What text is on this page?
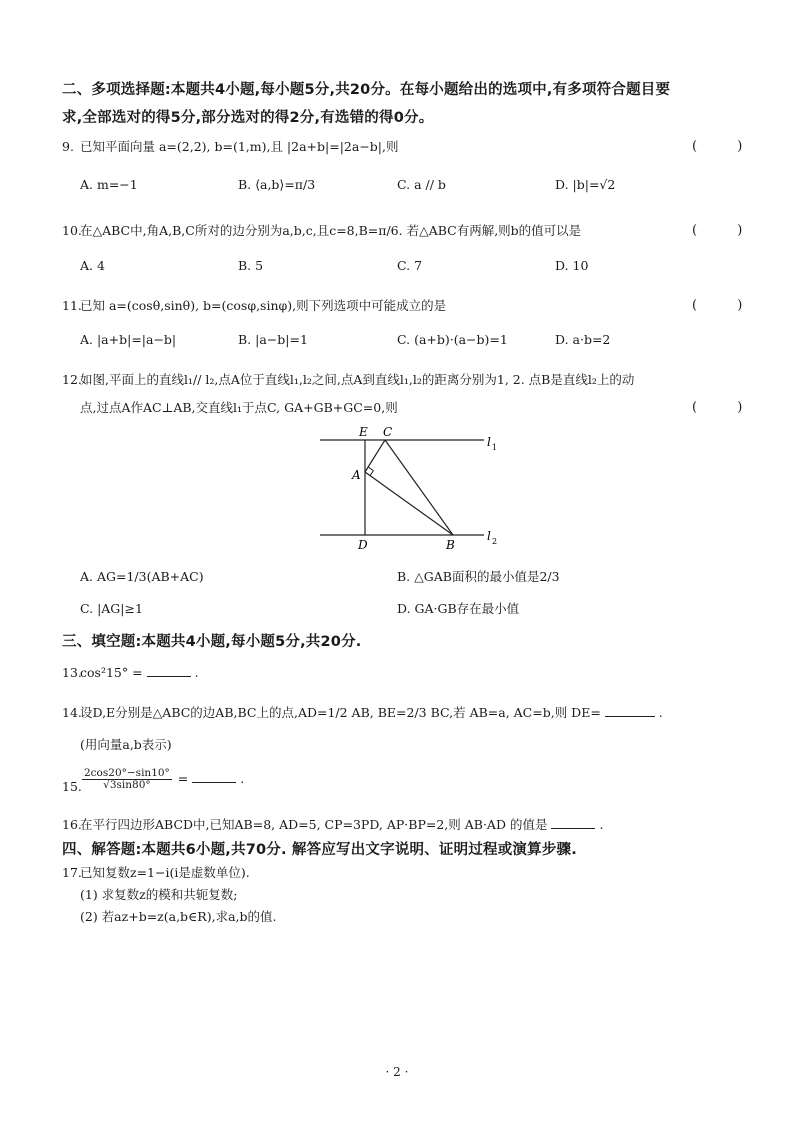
二、多项选择题:本题共4小题,每小题5分,共20分。在每小题给出的选项中,有多项符合题目要
求,全部选对的得5分,部分选对的得2分,有选错的得0分。
9. 已知平面向量 a=(2,2), b=(1,m),且 |2a+b|=|2a−b|,则	( )
A. m=−1	B. ⟨a,b⟩=π/3	C. a // b	D. |b|=√2
10.
在△ABC中,角A,B,C所对的边分别为a,b,c,且c=8,B=π/6. 若△ABC有两解,则b的值可以是	( )
A. 4	B. 5	C. 7	D. 10
11.
已知 a=(cosθ,sinθ), b=(cosφ,sinφ),则下列选项中可能成立的是	( )
A. |a+b|=|a−b|	B. |a−b|=1	C. (a+b)·(a−b)=1	D. a·b=2
12.
如图,平面上的直线l₁// l₂,点A位于直线l₁,l₂之间,点A到直线l₁,l₂的距离分别为1, 2. 点B是直线l₂上的动
点,过点A作AC⊥AB,交直线l₁于点C, GA+GB+GC=0,则	( )
E C
A
D	B
l 1
l 2
A. AG=1/3(AB+AC)	B. △GAB面积的最小值是2/3
C. |AG|≥1	D. GA·GB存在最小值
三、填空题:本题共4小题,每小题5分,共20分.
13.
cos²15° =	.
14.
设D,E分别是△ABC的边AB,BC上的点,AD=1/2 AB, BE=2/3 BC,若 AB=a, AC=b,则 DE=	.
(用向量a,b表示)
15. $\frac{2\cos 20^\circ-\sin 10^\circ}{√3\sin 80^\circ}$ =	.
16.
在平行四边形ABCD中,已知AB=8, AD=5, CP=3PD, AP·BP=2,则 AB·AD 的值是	.
四、解答题:本题共6小题,共70分. 解答应写出文字说明、证明过程或演算步骤.
17.
已知复数z=1−i(i是虚数单位).
(1) 求复数z的模和共轭复数;
(2) 若az+b=z(a,b∈R),求a,b的值.
· 2 ·
